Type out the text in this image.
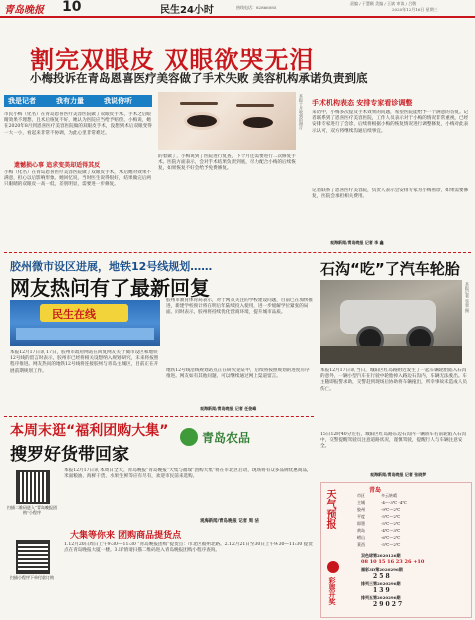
青岛晚报 10	民生24小时	热线电话：82866085
责编 / 于慧颖 美编 / 王斌 审读 / 吕敬
2020年12月16日 星期三
割完双眼皮 双眼欲哭无泪
小梅投诉在青岛恩喜医疗美容做了手术失败 美容机构承诺负责到底
我是记者	我有力量	我说你听
市民小梅（化名）在青岛恩喜医疗美容医院做了双眼皮手术，手术之后眼睛效果不理想，且术后恢复不好，她认为医院应当给予赔偿。小梅说，她在2020年8月到恩喜医疗美容医院做的双眼皮手术，没想到术后双眼变得一大一小，看起来非常不协调，为此心里非常难过。
遗憾损心事 追求变美却适得其反
小梅（化名）在青岛恩喜医疗美容医院做了双眼皮手术，术后她对效果不满意，担心以后影响形象。她回忆说，当时医生说得很好，结果做完后两只眼睛的双眼皮一高一低，差别明显，需要进一步修复。
本报十月收到的照片
的着做了，小梅说到了医院进行复查，下个月还需要进行二次修复手术。医院方面表示，会对手术结果负责到底，尽力配合小梅的后续恢复，如果恢复不好会给予免费修复。
手术机构表态 安排专家看诊调整
采访中，小梅多次提及手术效果的问题，希望医院能给予一个满意的答复。记者联系到了恩喜医疗美容医院，工作人员表示对于小梅的情况非常重视，已经安排专家进行了会诊，后续将根据小梅的恢复情况进行调整修复，小梅对此表示认可，双方将继续沟通后续事宜。
记者联系了恩喜医疗美容院，负责人表示会安排专家为小梅看诊，如果需要修复，医院会承担相关费用。
观海新闻/青岛晚报 记者 李 鑫
胶州微市设区进展，地铁12号线规划……
网友热问有了最新回复
民生在线
本报12月17日讯 17日，胶州市政府网站在回复网友关于微市设区和地铁12号线的留言时表示，胶州市已经将相关设想纳入规划研究，未来将按照程序推进。网友热问的地铁12号线将连接胶州与青岛主城区，目前正在开展前期规划工作。
胶州市教育体育局表示，对于网友关注的学校建设问题，目前已在加快推进，新建学校预计将在明后年陆续投入使用，进一步缓解学位紧张的局面。同时表示，胶州将持续优化营商环境，提升城市品质。
地铁12号线沿线规划站点正在研究论证中，后续将按照规划的进度有序推进。网友如有其他问题，可以继续通过网上渠道留言。
观海新闻/青岛晚报 记者 任俊峰
本周末逛“福利团购大集”
搜罗好货带回家
青岛农品
扫描二维码进入“青岛晚报团购”小程序
扫描小程序下单付款订购
本报12月17日讯 本周日全天，青岛晚报“青岛晚报”大集与福瑞“团购大集”将在市北区启动，现场将有众多品牌优惠商品，米面粮油、海鲜干货、水果生鲜等应有尽有，欢迎市民前来选购。
观海新闻/青岛晚报 记者 周 洁
大集等你来 团购商品提货点
1.12月20日周日上午9:30—11:30 “青岛晚报团购”提货点：市北区福州北路。2.12月21日至30日上午9:30—11:30 提货点在青岛晚报大厦一楼。3.详情请扫描二维码进入青岛晚报团购小程序查询。
石沟“吃”了汽车轮胎
本报记者 蔡荣 摄
本报12月17日讯 当日，城阳区红岛路附近发生了一起车辆轮胎陷入石沟的意外，一辆小型汽车在行驶中轮胎掉入路边石沟内，车辆无法驶出。车主随即报警求助，交警赶到现场后协助将车辆拖出，所幸事故未造成人员伤亡。
15日12时40分左右，城阳区红岛路东边石沟内一辆轿车右前轮陷入石沟中，交警提醒驾驶员注意道路状况，谨慎驾驶，提醒行人与车辆注意安全。
观海新闻/青岛晚报 记者 张晓梦
天气预报	青岛
市区	多云转晴
主城	-4～-3℃ -4℃
胶州	-9℃～2℃
平度	-5℃～2℃
即墨	-5℃～2℃
黄岛	-4℃～3℃
崂山	-6℃～2℃
莱西	-5℃～2℃
彩票开奖
双色球第2020126期
08 10 15 16 23 26 +10
福彩3D第2020296期
2 5 8
排列三第2020296期
1 3 9
排列五第2020296期
2 9 0 2 7
